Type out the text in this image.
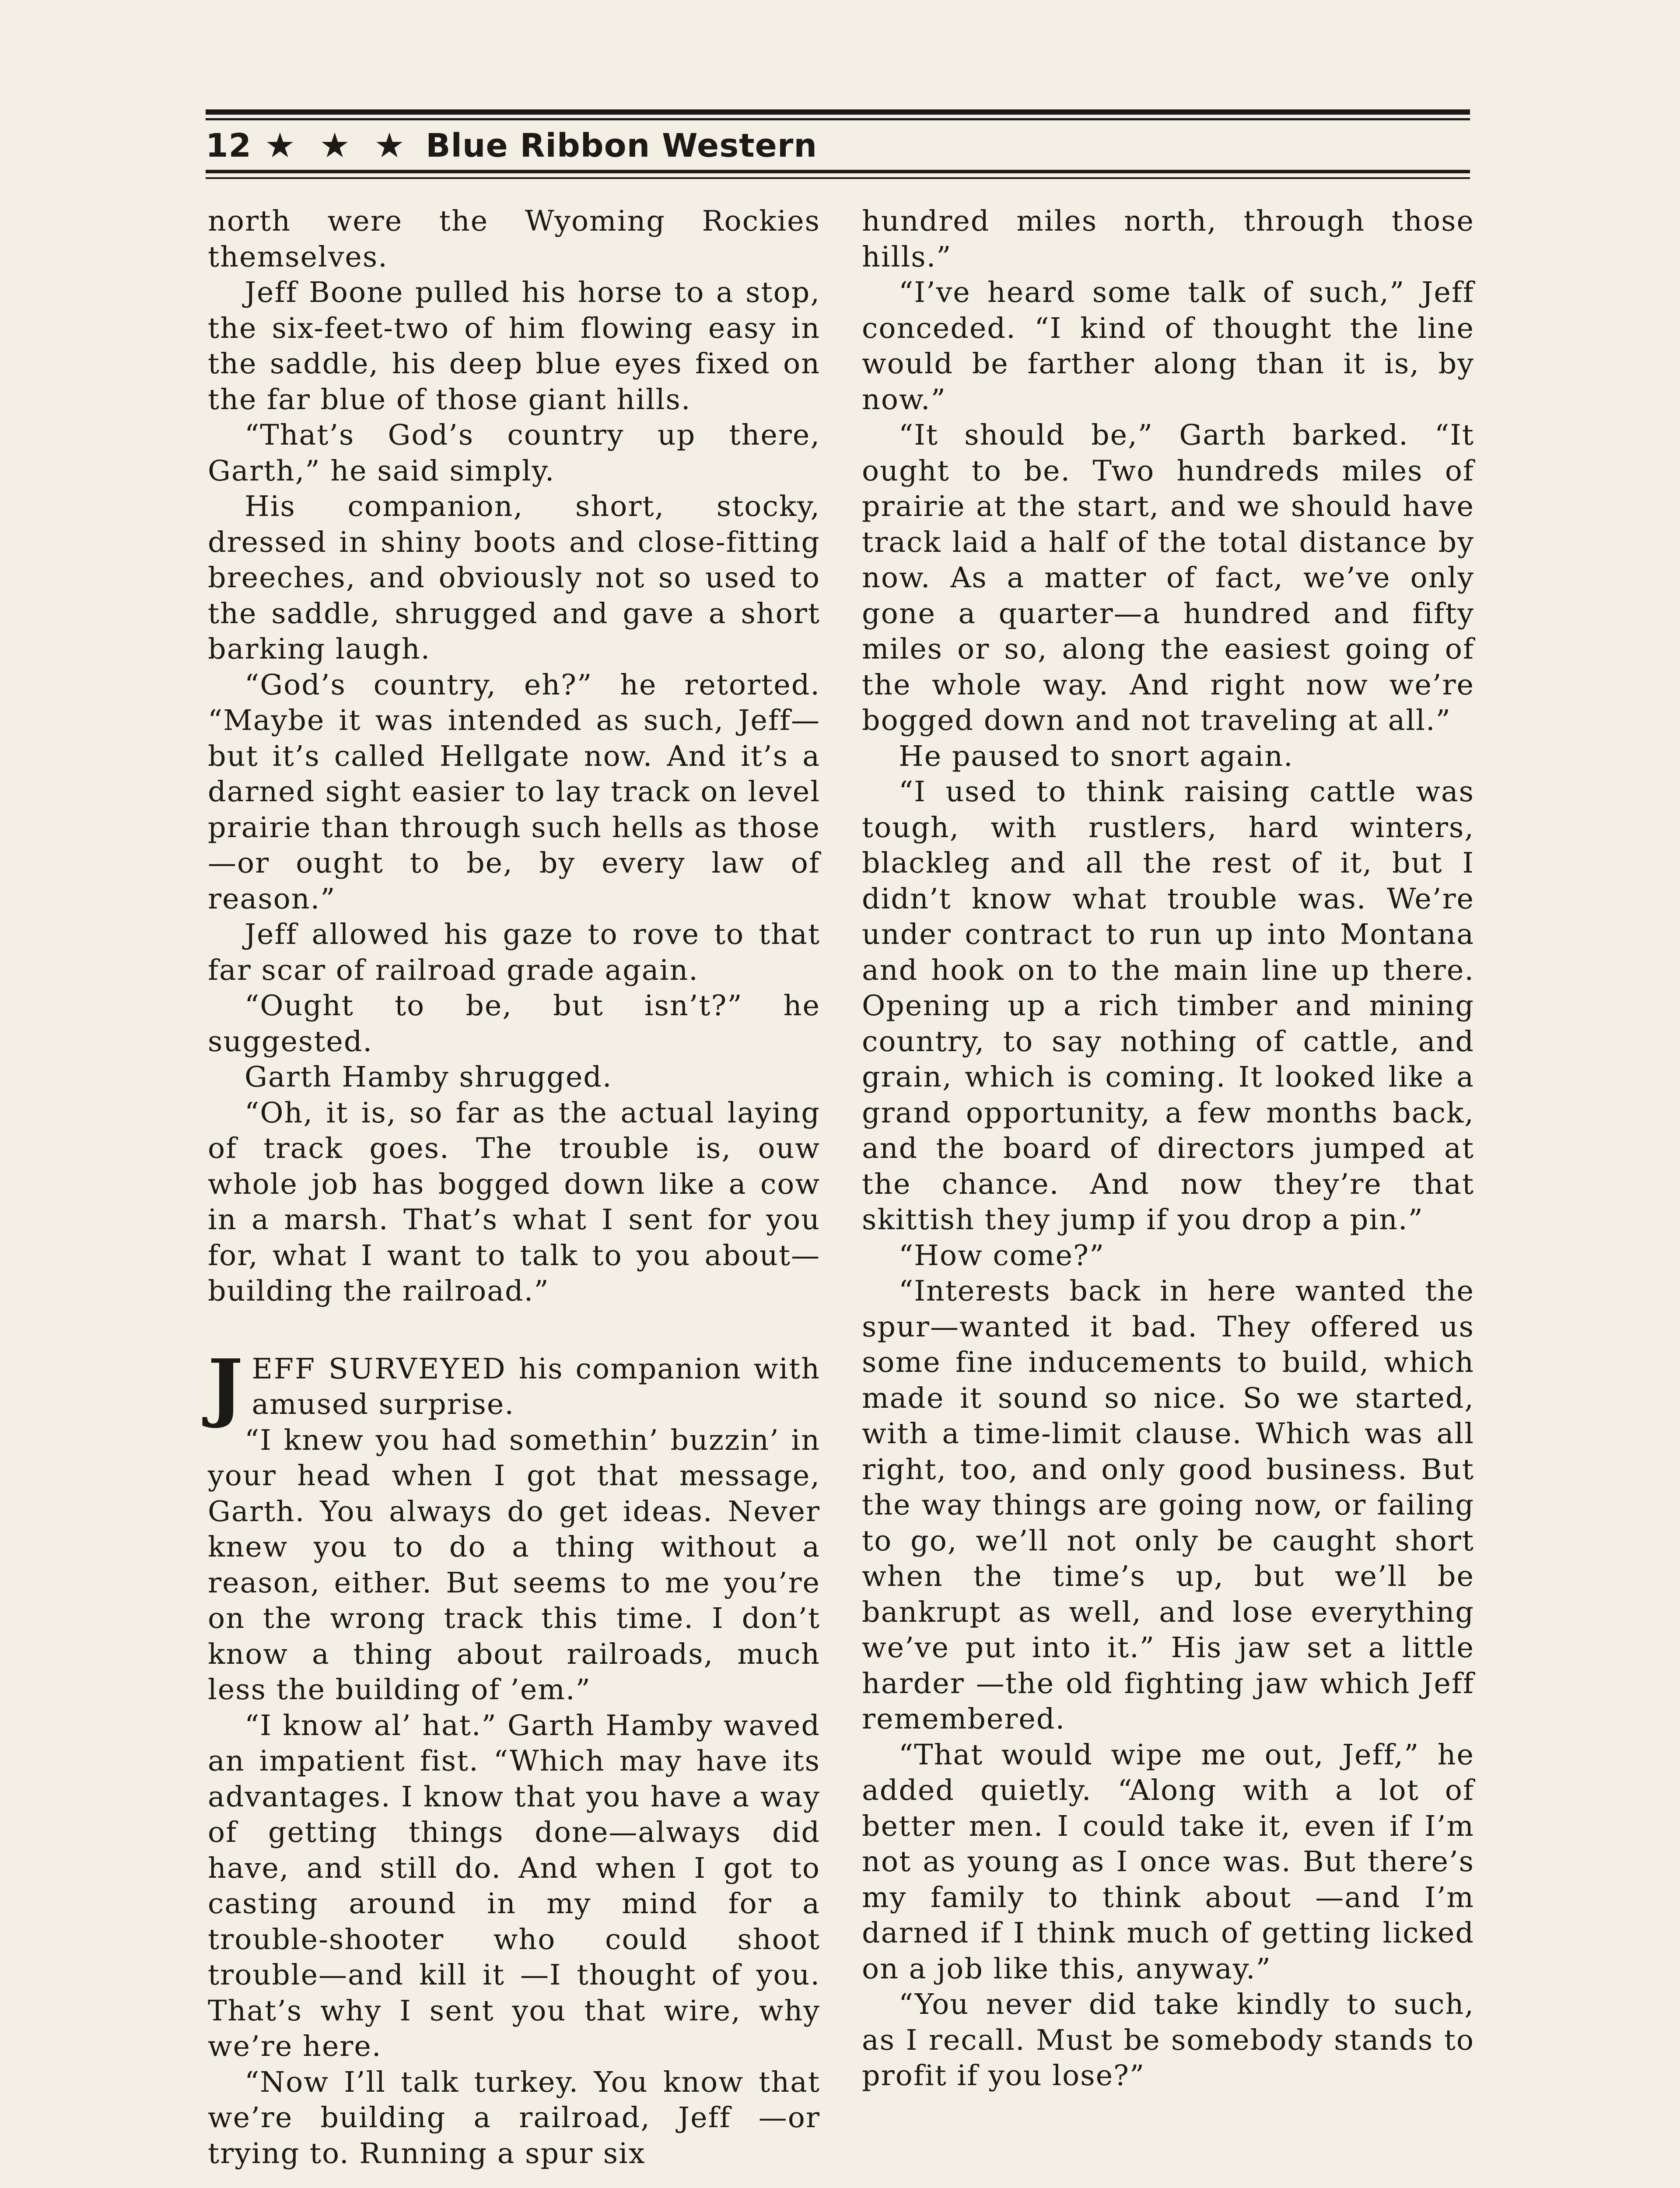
12 ★ ★ ★ Blue Ribbon Western

north were the Wyoming Rockies themselves.

Jeff Boone pulled his horse to a stop, the six-feet-two of him flowing easy in the saddle, his deep blue eyes fixed on the far blue of those giant hills.

“That’s God’s country up there, Garth,” he said simply.

His companion, short, stocky, dressed in shiny boots and close-fitting breeches, and obviously not so used to the saddle, shrugged and gave a short barking laugh.

“God’s country, eh?” he retorted. “Maybe it was intended as such, Jeff—but it’s called Hellgate now. And it’s a darned sight easier to lay track on level prairie than through such hells as those—or ought to be, by every law of reason.”

Jeff allowed his gaze to rove to that far scar of railroad grade again.

“Ought to be, but isn’t?” he suggested.

Garth Hamby shrugged.

“Oh, it is, so far as the actual laying of track goes. The trouble is, ouw whole job has bogged down like a cow in a marsh. That’s what I sent for you for, what I want to talk to you about—building the railroad.”

JEFF SURVEYED his companion with amused surprise.

“I knew you had somethin’ buzzin’ in your head when I got that message, Garth. You always do get ideas. Never knew you to do a thing without a reason, either. But seems to me you’re on the wrong track this time. I don’t know a thing about railroads, much less the building of ’em.”

“I know al’ hat.” Garth Hamby waved an impatient fist. “Which may have its advantages. I know that you have a way of getting things done—always did have, and still do. And when I got to casting around in my mind for a trouble-shooter who could shoot trouble—and kill it —I thought of you. That’s why I sent you that wire, why we’re here.

“Now I’ll talk turkey. You know that we’re building a railroad, Jeff —or trying to. Running a spur six

hundred miles north, through those hills.”

“I’ve heard some talk of such,” Jeff conceded. “I kind of thought the line would be farther along than it is, by now.”

“It should be,” Garth barked. “It ought to be. Two hundreds miles of prairie at the start, and we should have track laid a half of the total distance by now. As a matter of fact, we’ve only gone a quarter—a hundred and fifty miles or so, along the easiest going of the whole way. And right now we’re bogged down and not traveling at all.”

He paused to snort again.

“I used to think raising cattle was tough, with rustlers, hard winters, blackleg and all the rest of it, but I didn’t know what trouble was. We’re under contract to run up into Montana and hook on to the main line up there. Opening up a rich timber and mining country, to say nothing of cattle, and grain, which is coming. It looked like a grand opportunity, a few months back, and the board of directors jumped at the chance. And now they’re that skittish they jump if you drop a pin.”

“How come?”

“Interests back in here wanted the spur—wanted it bad. They offered us some fine inducements to build, which made it sound so nice. So we started, with a time-limit clause. Which was all right, too, and only good business. But the way things are going now, or failing to go, we’ll not only be caught short when the time’s up, but we’ll be bankrupt as well, and lose everything we’ve put into it.” His jaw set a little harder —the old fighting jaw which Jeff remembered.

“That would wipe me out, Jeff,” he added quietly. “Along with a lot of better men. I could take it, even if I’m not as young as I once was. But there’s my family to think about —and I’m darned if I think much of getting licked on a job like this, anyway.”

“You never did take kindly to such, as I recall. Must be somebody stands to profit if you lose?”
